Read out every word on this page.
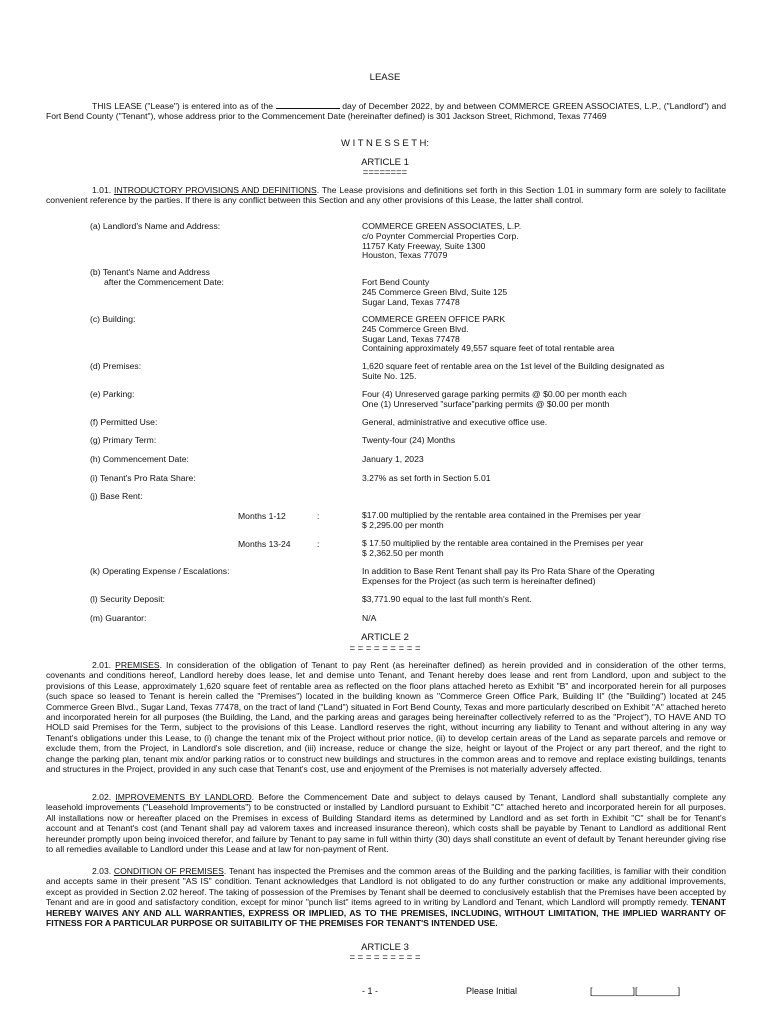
LEASE
THIS LEASE ("Lease") is entered into as of the	day of December 2022, by and between COMMERCE GREEN ASSOCIATES, L.P., ("Landlord") and Fort Bend County ("Tenant"), whose address prior to the Commencement Date (hereinafter defined) is 301 Jackson Street, Richmond, Texas 77469
W I T N E S S E T H:
ARTICLE 1
========
1.01. INTRODUCTORY PROVISIONS AND DEFINITIONS. The Lease provisions and definitions set forth in this Section 1.01 in summary form are solely to facilitate convenient reference by the parties. If there is any conflict between this Section and any other provisions of this Lease, the latter shall control.
(a) Landlord's Name and Address:	COMMERCE GREEN ASSOCIATES, L.P.
c/o Poynter Commercial Properties Corp.
11757 Katy Freeway, Suite 1300
Houston, Texas 77079
(b) Tenant's Name and Address
after the Commencement Date:	Fort Bend County
245 Commerce Green Blvd, Suite 125
Sugar Land, Texas 77478
(c) Building:	COMMERCE GREEN OFFICE PARK
245 Commerce Green Blvd.
Sugar Land, Texas 77478
Containing approximately 49,557 square feet of total rentable area
(d) Premises:	1,620 square feet of rentable area on the 1st level of the Building designated as
Suite No. 125.
(e) Parking:	Four (4) Unreserved garage parking permits @ $0.00 per month each
One (1) Unreserved "surface"parking permits @ $0.00 per month
(f) Permitted Use:	General, administrative and executive office use.
(g) Primary Term:	Twenty-four (24) Months
(h) Commencement Date:	January 1, 2023
(i) Tenant's Pro Rata Share:	3.27% as set forth in Section 5.01
(j) Base Rent:
Months 1-12	:	$17.00 multiplied by the rentable area contained in the Premises per year
$ 2,295.00 per month
Months 13-24	:	$ 17.50 multiplied by the rentable area contained in the Premises per year
$ 2,362.50 per month
(k) Operating Expense / Escalations:	In addition to Base Rent Tenant shall pay its Pro Rata Share of the Operating
Expenses for the Project (as such term is hereinafter defined)
(l) Security Deposit:	$3,771.90 equal to the last full month's Rent.
(m) Guarantor:	N/A
ARTICLE 2
= = = = = = = = =
2.01. PREMISES. In consideration of the obligation of Tenant to pay Rent (as hereinafter defined) as herein provided and in consideration of the other terms, covenants and conditions hereof, Landlord hereby does lease, let and demise unto Tenant, and Tenant hereby does lease and rent from Landlord, upon and subject to the provisions of this Lease, approximately 1,620 square feet of rentable area as reflected on the floor plans attached hereto as Exhibit "B" and incorporated herein for all purposes (such space so leased to Tenant is herein called the "Premises") located in the building known as "Commerce Green Office Park, Building II" (the "Building") located at 245 Commerce Green Blvd., Sugar Land, Texas 77478, on the tract of land ("Land") situated in Fort Bend County, Texas and more particularly described on Exhibit "A" attached hereto and incorporated herein for all purposes (the Building, the Land, and the parking areas and garages being hereinafter collectively referred to as the "Project"), TO HAVE AND TO HOLD said Premises for the Term, subject to the provisions of this Lease. Landlord reserves the right, without incurring any liability to Tenant and without altering in any way Tenant's obligations under this Lease, to (i) change the tenant mix of the Project without prior notice, (ii) to develop certain areas of the Land as separate parcels and remove or exclude them, from the Project, in Landlord's sole discretion, and (iii) increase, reduce or change the size, height or layout of the Project or any part thereof, and the right to change the parking plan, tenant mix and/or parking ratios or to construct new buildings and structures in the common areas and to remove and replace existing buildings, tenants and structures in the Project, provided in any such case that Tenant's cost, use and enjoyment of the Premises is not materially adversely affected.
2.02. IMPROVEMENTS BY LANDLORD. Before the Commencement Date and subject to delays caused by Tenant, Landlord shall substantially complete any leasehold improvements ("Leasehold Improvements") to be constructed or installed by Landlord pursuant to Exhibit "C" attached hereto and incorporated herein for all purposes. All installations now or hereafter placed on the Premises in excess of Building Standard items as determined by Landlord and as set forth in Exhibit "C" shall be for Tenant's account and at Tenant's cost (and Tenant shall pay ad valorem taxes and increased insurance thereon), which costs shall be payable by Tenant to Landlord as additional Rent hereunder promptly upon being invoiced therefor, and failure by Tenant to pay same in full within thirty (30) days shall constitute an event of default by Tenant hereunder giving rise to all remedies available to Landlord under this Lease and at law for non-payment of Rent.
2.03. CONDITION OF PREMISES. Tenant has inspected the Premises and the common areas of the Building and the parking facilities, is familiar with their condition and accepts same in their present "AS IS" condition. Tenant acknowledges that Landlord is not obligated to do any further construction or make any additional improvements, except as provided in Section 2.02 hereof. The taking of possession of the Premises by Tenant shall be deemed to conclusively establish that the Premises have been accepted by Tenant and are in good and satisfactory condition, except for minor "punch list" items agreed to in writing by Landlord and Tenant, which Landlord will promptly remedy. TENANT HEREBY WAIVES ANY AND ALL WARRANTIES, EXPRESS OR IMPLIED, AS TO THE PREMISES, INCLUDING, WITHOUT LIMITATION, THE IMPLIED WARRANTY OF FITNESS FOR A PARTICULAR PURPOSE OR SUITABILITY OF THE PREMISES FOR TENANT'S INTENDED USE.
ARTICLE 3
= = = = = = = = =
- 1 -	Please Initial	[________][________]
